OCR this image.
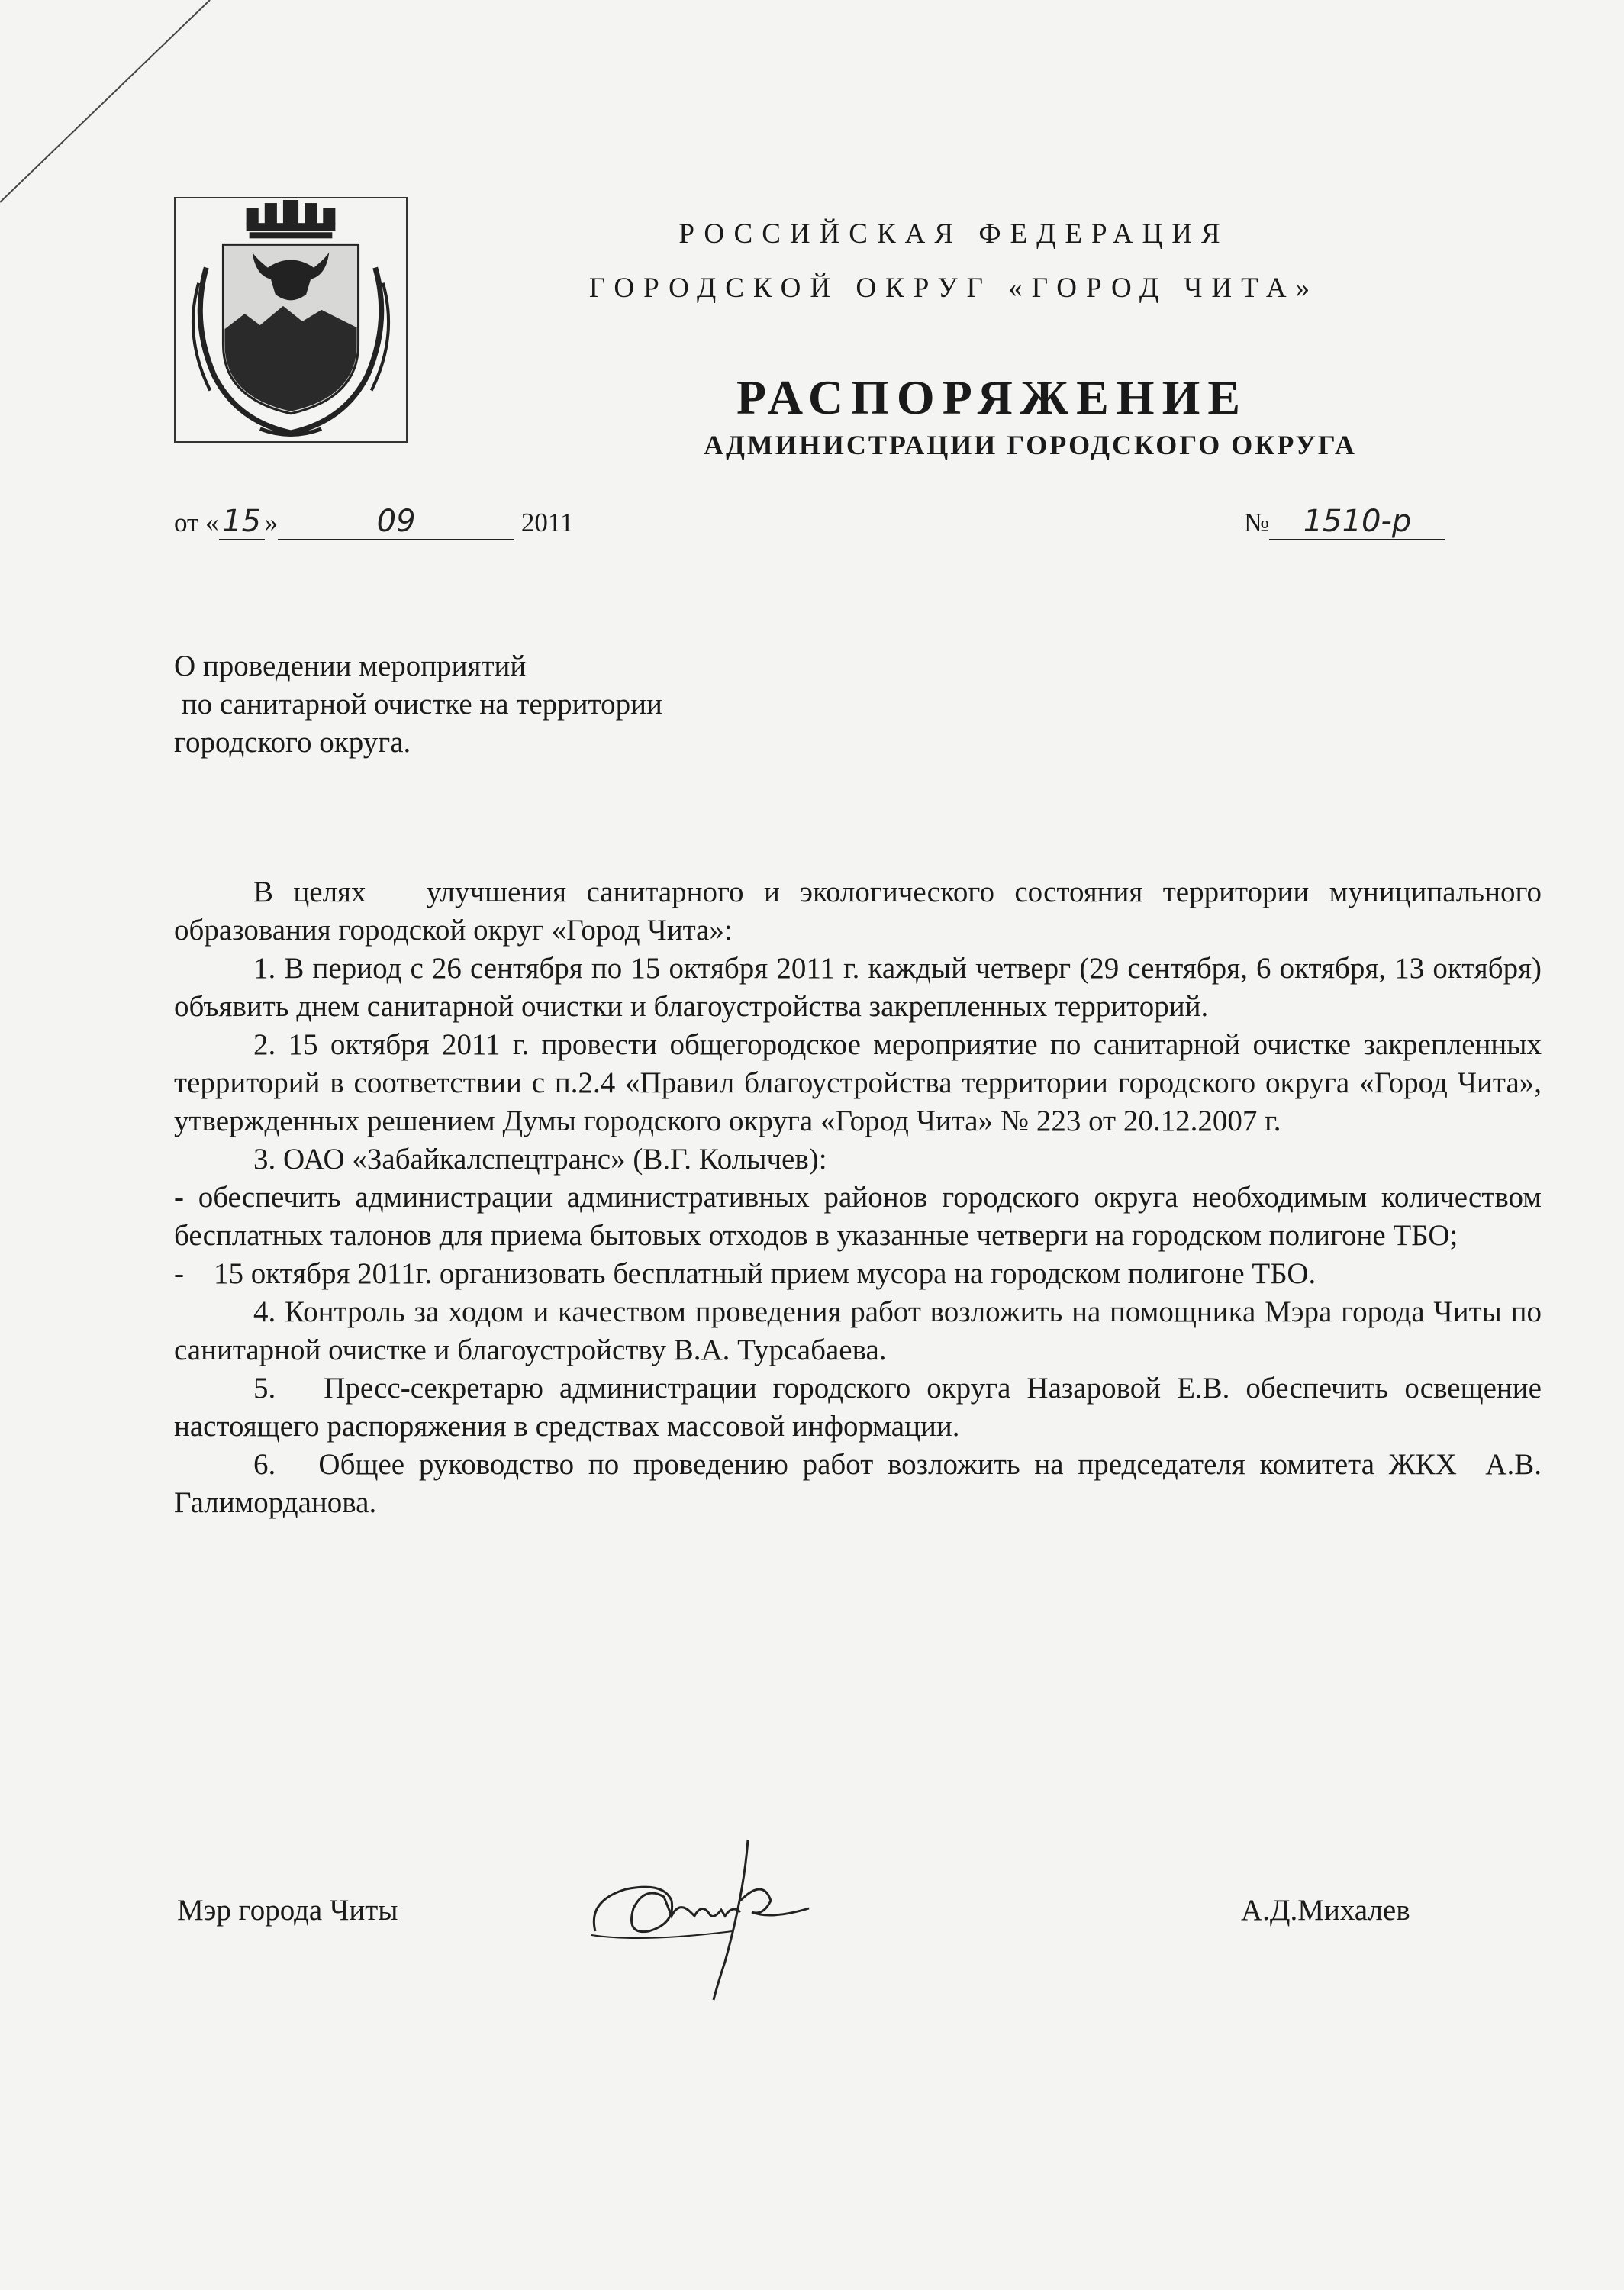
РОССИЙСКАЯ ФЕДЕРАЦИЯ
ГОРОДСКОЙ ОКРУГ «ГОРОД ЧИТА»
РАСПОРЯЖЕНИЕ
АДМИНИСТРАЦИИ ГОРОДСКОГО ОКРУГА
от « 15 »	09	2011	№ 1510-р
О проведении мероприятий
по санитарной очистке на территории
городского округа.

В целях   улучшения санитарного и экологического состояния территории муниципального образования городской округ «Город Чита»:

1. В период с 26 сентября по 15 октября 2011 г. каждый четверг (29 сентября, 6 октября, 13 октября) объявить днем санитарной очистки и благоустройства закрепленных территорий.

2. 15 октября 2011 г. провести общегородское мероприятие по санитарной очистке закрепленных территорий в соответствии с п.2.4 «Правил благоустройства территории городского округа «Город Чита», утвержденных решением Думы городского округа «Город Чита» № 223 от 20.12.2007 г.

3. ОАО «Забайкалспецтранс» (В.Г. Колычев):

- обеспечить администрации административных районов городского округа необходимым количеством бесплатных талонов для приема бытовых отходов в указанные четверги на городском полигоне ТБО;

-    15 октября 2011г. организовать бесплатный прием мусора на городском полигоне ТБО.

4. Контроль за ходом и качеством проведения работ возложить на помощника Мэра города Читы по санитарной очистке и благоустройству В.А. Турсабаева.

5.   Пресс-секретарю администрации городского округа Назаровой Е.В. обеспечить освещение настоящего распоряжения в средствах массовой информации.

6.   Общее руководство по проведению работ возложить на председателя комитета ЖКХ  А.В. Галиморданова.

Мэр города Читы	А.Д.Михалев
